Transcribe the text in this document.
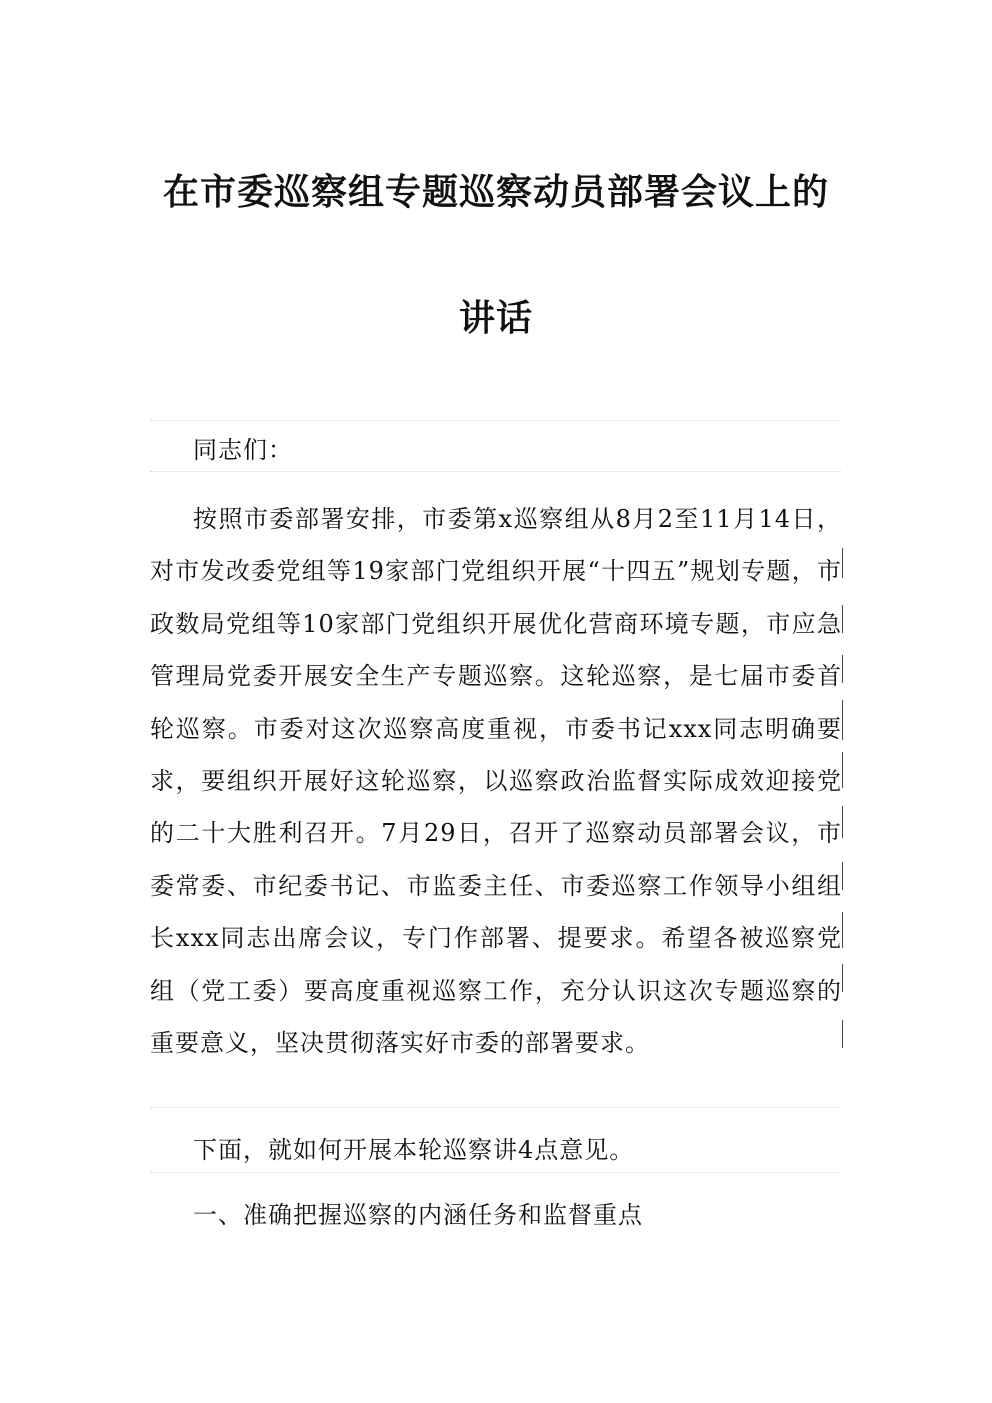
在市委巡察组专题巡察动员部署会议上的
讲话
同志们：
按照市委部署安排，市委第x巡察组从8月2至11月14日，对市发改委党组等19家部门党组织开展“十四五”规划专题，市政数局党组等10家部门党组织开展优化营商环境专题，市应急管理局党委开展安全生产专题巡察。这轮巡察，是七届市委首轮巡察。市委对这次巡察高度重视，市委书记xxx同志明确要求，要组织开展好这轮巡察，以巡察政治监督实际成效迎接党的二十大胜利召开。7月29日，召开了巡察动员部署会议，市委常委、市纪委书记、市监委主任、市委巡察工作领导小组组长xxx同志出席会议，专门作部署、提要求。希望各被巡察党组（党工委）要高度重视巡察工作，充分认识这次专题巡察的重要意义，坚决贯彻落实好市委的部署要求。
下面，就如何开展本轮巡察讲4点意见。
一、准确把握巡察的内涵任务和监督重点
